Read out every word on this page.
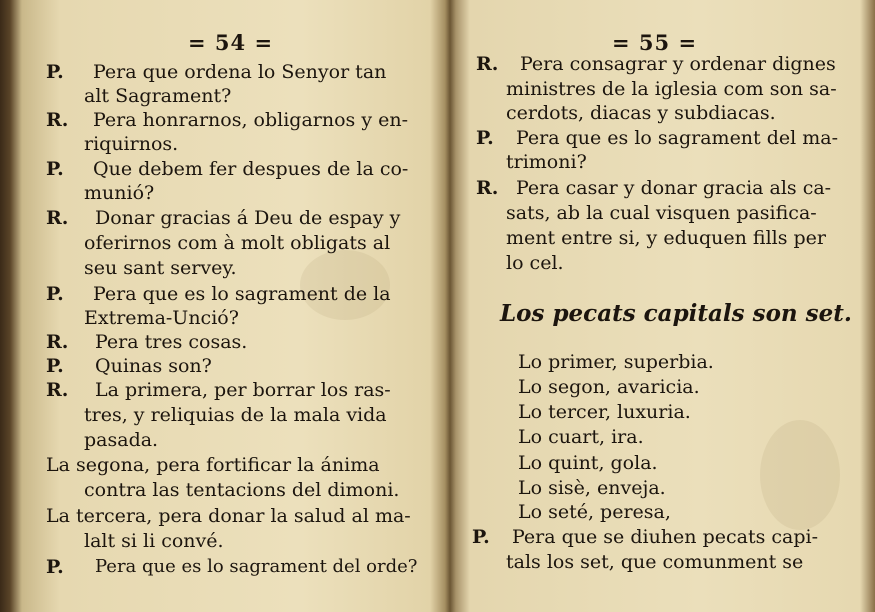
= 54 =
P. Pera que ordena lo Senyor tan
alt Sagrament?
R. Pera honrarnos, obligarnos y en-
riquirnos.
P. Que debem fer despues de la co-
munió?
R. Donar gracias á Deu de espay y
oferirnos com à molt obligats al
seu sant servey.
P. Pera que es lo sagrament de la
Extrema-Unció?
R. Pera tres cosas.
P. Quinas son?
R. La primera, per borrar los ras-
tres, y reliquias de la mala vida
pasada.
La segona, pera fortificar la ánima
contra las tentacions del dimoni.
La tercera, pera donar la salud al ma-
lalt si li convé.
P. Pera que es lo sagrament del orde?
= 55 =
R. Pera consagrar y ordenar dignes
ministres de la iglesia com son sa-
cerdots, diacas y subdiacas.
P. Pera que es lo sagrament del ma-
trimoni?
R. Pera casar y donar gracia als ca-
sats, ab la cual visquen pasifica-
ment entre si, y eduquen fills per
lo cel.
Los pecats capitals son set.
Lo primer, superbia.
Lo segon, avaricia.
Lo tercer, luxuria.
Lo cuart, ira.
Lo quint, gola.
Lo sisè, enveja.
Lo seté, peresa,
P. Pera que se diuhen pecats capi-
tals los set, que comunment se
